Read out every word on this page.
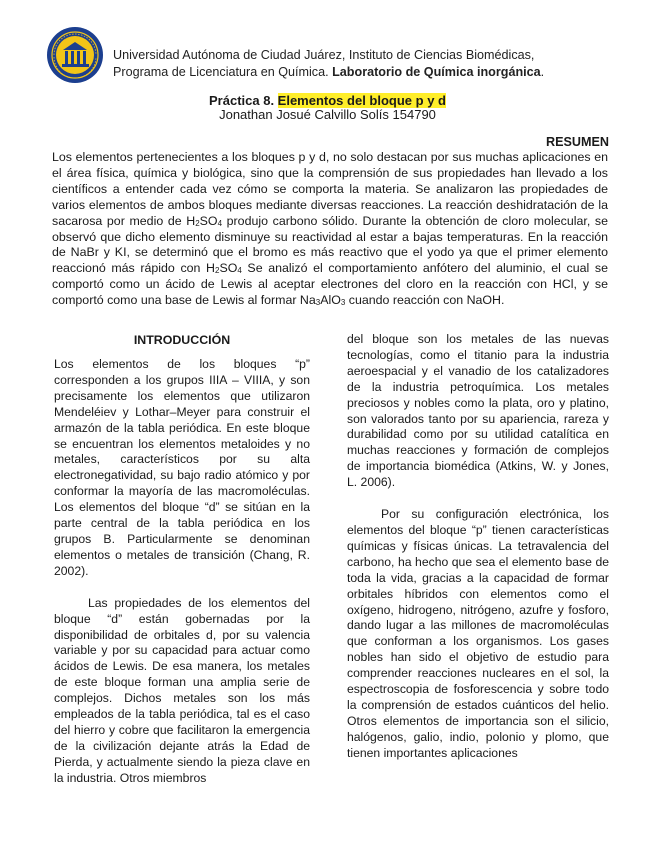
Universidad Autónoma de Ciudad Juárez, Instituto de Ciencias Biomédicas,
Programa de Licenciatura en Química. Laboratorio de Química inorgánica.
Práctica 8. Elementos del bloque p y d
Jonathan Josué Calvillo Solís 154790
RESUMEN

Los elementos pertenecientes a los bloques p y d, no solo destacan por sus muchas aplicaciones en el área física, química y biológica, sino que la comprensión de sus propiedades han llevado a los científicos a entender cada vez cómo se comporta la materia. Se analizaron las propiedades de varios elementos de ambos bloques mediante diversas reacciones. La reacción deshidratación de la sacarosa por medio de $H_2SO_4$ produjo carbono sólido. Durante la obtención de cloro molecular, se observó que dicho elemento disminuye su reactividad al estar a bajas temperaturas. En la reacción de NaBr y KI, se determinó que el bromo es más reactivo que el yodo ya que el primer elemento reaccionó más rápido con $H_2SO_4$ Se analizó el comportamiento anfótero del aluminio, el cual se comportó como un ácido de Lewis al aceptar electrones del cloro en la reacción con HCl, y se comportó como una base de Lewis al formar $Na_3AlO_3$ cuando reacción con NaOH.

Los elementos de los bloques “p” corresponden a los grupos IIIA – VIIIA, y son precisamente los elementos que utilizaron Mendeléiev y Lothar–Meyer para construir el armazón de la tabla periódica. En este bloque se encuentran los elementos metaloides y no metales, característicos por su alta electronegatividad, su bajo radio atómico y por conformar la mayoría de las macromoléculas. Los elementos del bloque “d” se sitúan en la parte central de la tabla periódica en los grupos B. Particularmente se denominan elementos o metales de transición (Chang, R. 2002).

Las propiedades de los elementos del bloque “d” están gobernadas por la disponibilidad de orbitales d, por su valencia variable y por su capacidad para actuar como ácidos de Lewis. De esa manera, los metales de este bloque forman una amplia serie de complejos. Dichos metales son los más empleados de la tabla periódica, tal es el caso del hierro y cobre que facilitaron la emergencia de la civilización dejante atrás la Edad de Pierda, y actualmente siendo la pieza clave en la industria. Otros miembros

INTRODUCCIÓN	del bloque son los metales de las nuevas tecnologías, como el titanio para la industria aeroespacial y el vanadio de los catalizadores de la industria petroquímica. Los metales preciosos y nobles como la plata, oro y platino, son valorados tanto por su apariencia, rareza y durabilidad como por su utilidad catalítica en muchas reacciones y formación de complejos de importancia biomédica (Atkins, W. y Jones, L. 2006).

Por su configuración electrónica, los elementos del bloque “p” tienen características químicas y físicas únicas. La tetravalencia del carbono, ha hecho que sea el elemento base de toda la vida, gracias a la capacidad de formar orbitales híbridos con elementos como el oxígeno, hidrogeno, nitrógeno, azufre y fosforo, dando lugar a las millones de macromoléculas que conforman a los organismos. Los gases nobles han sido el objetivo de estudio para comprender reacciones nucleares en el sol, la espectroscopia de fosforescencia y sobre todo la comprensión de estados cuánticos del helio. Otros elementos de importancia son el silicio, halógenos, galio, indio, polonio y plomo, que tienen importantes aplicaciones
